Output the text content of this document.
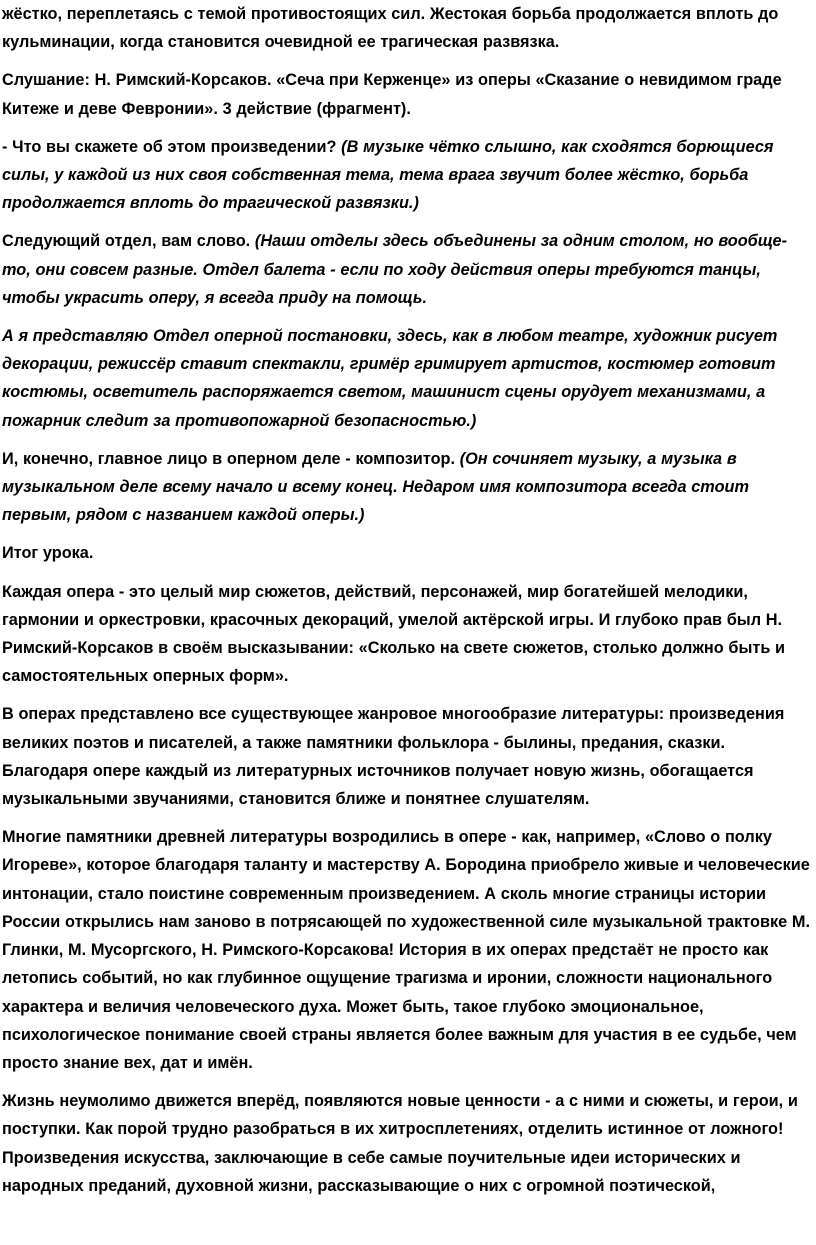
жёстко, переплетаясь с темой противостоящих сил. Жестокая борьба продолжается вплоть до кульминации, когда становится очевидной ее трагическая развязка.

Слушание: Н. Римский-Корсаков. «Сеча при Керженце» из оперы «Сказание о невидимом граде Китеже и деве Февронии». 3 действие (фрагмент).

- Что вы скажете об этом произведении? (В музыке чётко слышно, как сходятся борющиеся силы, у каждой из них своя собственная тема, тема врага звучит более жёстко, борьба продолжается вплоть до трагической развязки.)

Следующий отдел, вам слово. (Наши отделы здесь объединены за одним столом, но вообще-то, они совсем разные. Отдел балета - если по ходу действия оперы требуются танцы, чтобы украсить оперу, я всегда приду на помощь.

А я представляю Отдел оперной постановки, здесь, как в любом театре, художник рисует декорации, режиссёр ставит спектакли, гримёр гримирует артистов, костюмер готовит костюмы, осветитель распоряжается светом, машинист сцены орудует механизмами, а пожарник следит за противопожарной безопасностью.)

И, конечно, главное лицо в оперном деле - композитор. (Он сочиняет музыку, а музыка в музыкальном деле всему начало и всему конец. Недаром имя композитора всегда стоит первым, рядом с названием каждой оперы.)

Итог урока.

Каждая опера - это целый мир сюжетов, действий, персонажей, мир богатейшей мелодики, гармонии и оркестровки, красочных декораций, умелой актёрской игры. И глубоко прав был Н. Римский-Корсаков в своём высказывании: «Сколько на свете сюжетов, столько должно быть и самостоятельных оперных форм».

В операх представлено все существующее жанровое многообразие литературы: произведения великих поэтов и писателей, а также памятники фольклора - былины, предания, сказки. Благодаря опере каждый из литературных источников получает новую жизнь, обогащается музыкальными звучаниями, становится ближе и понятнее слушателям.

Многие памятники древней литературы возродились в опере - как, например, «Слово о полку Игореве», которое благодаря таланту и мастерству А. Бородина приобрело живые и человеческие интонации, стало поистине современным произведением. А сколь многие страницы истории России открылись нам заново в потрясающей по художественной силе музыкальной трактовке М. Глинки, М. Мусоргского, Н. Римского-Корсакова! История в их операх предстаёт не просто как летопись событий, но как глубинное ощущение трагизма и иронии, сложности национального характера и величия человеческого духа. Может быть, такое глубоко эмоциональное, психологическое понимание своей страны является более важным для участия в ее судьбе, чем просто знание вех, дат и имён.

Жизнь неумолимо движется вперёд, появляются новые ценности - а с ними и сюжеты, и герои, и поступки. Как порой трудно разобраться в их хитросплетениях, отделить истинное от ложного! Произведения искусства, заключающие в себе самые поучительные идеи исторических и народных преданий, духовной жизни, рассказывающие о них с огромной поэтической,
